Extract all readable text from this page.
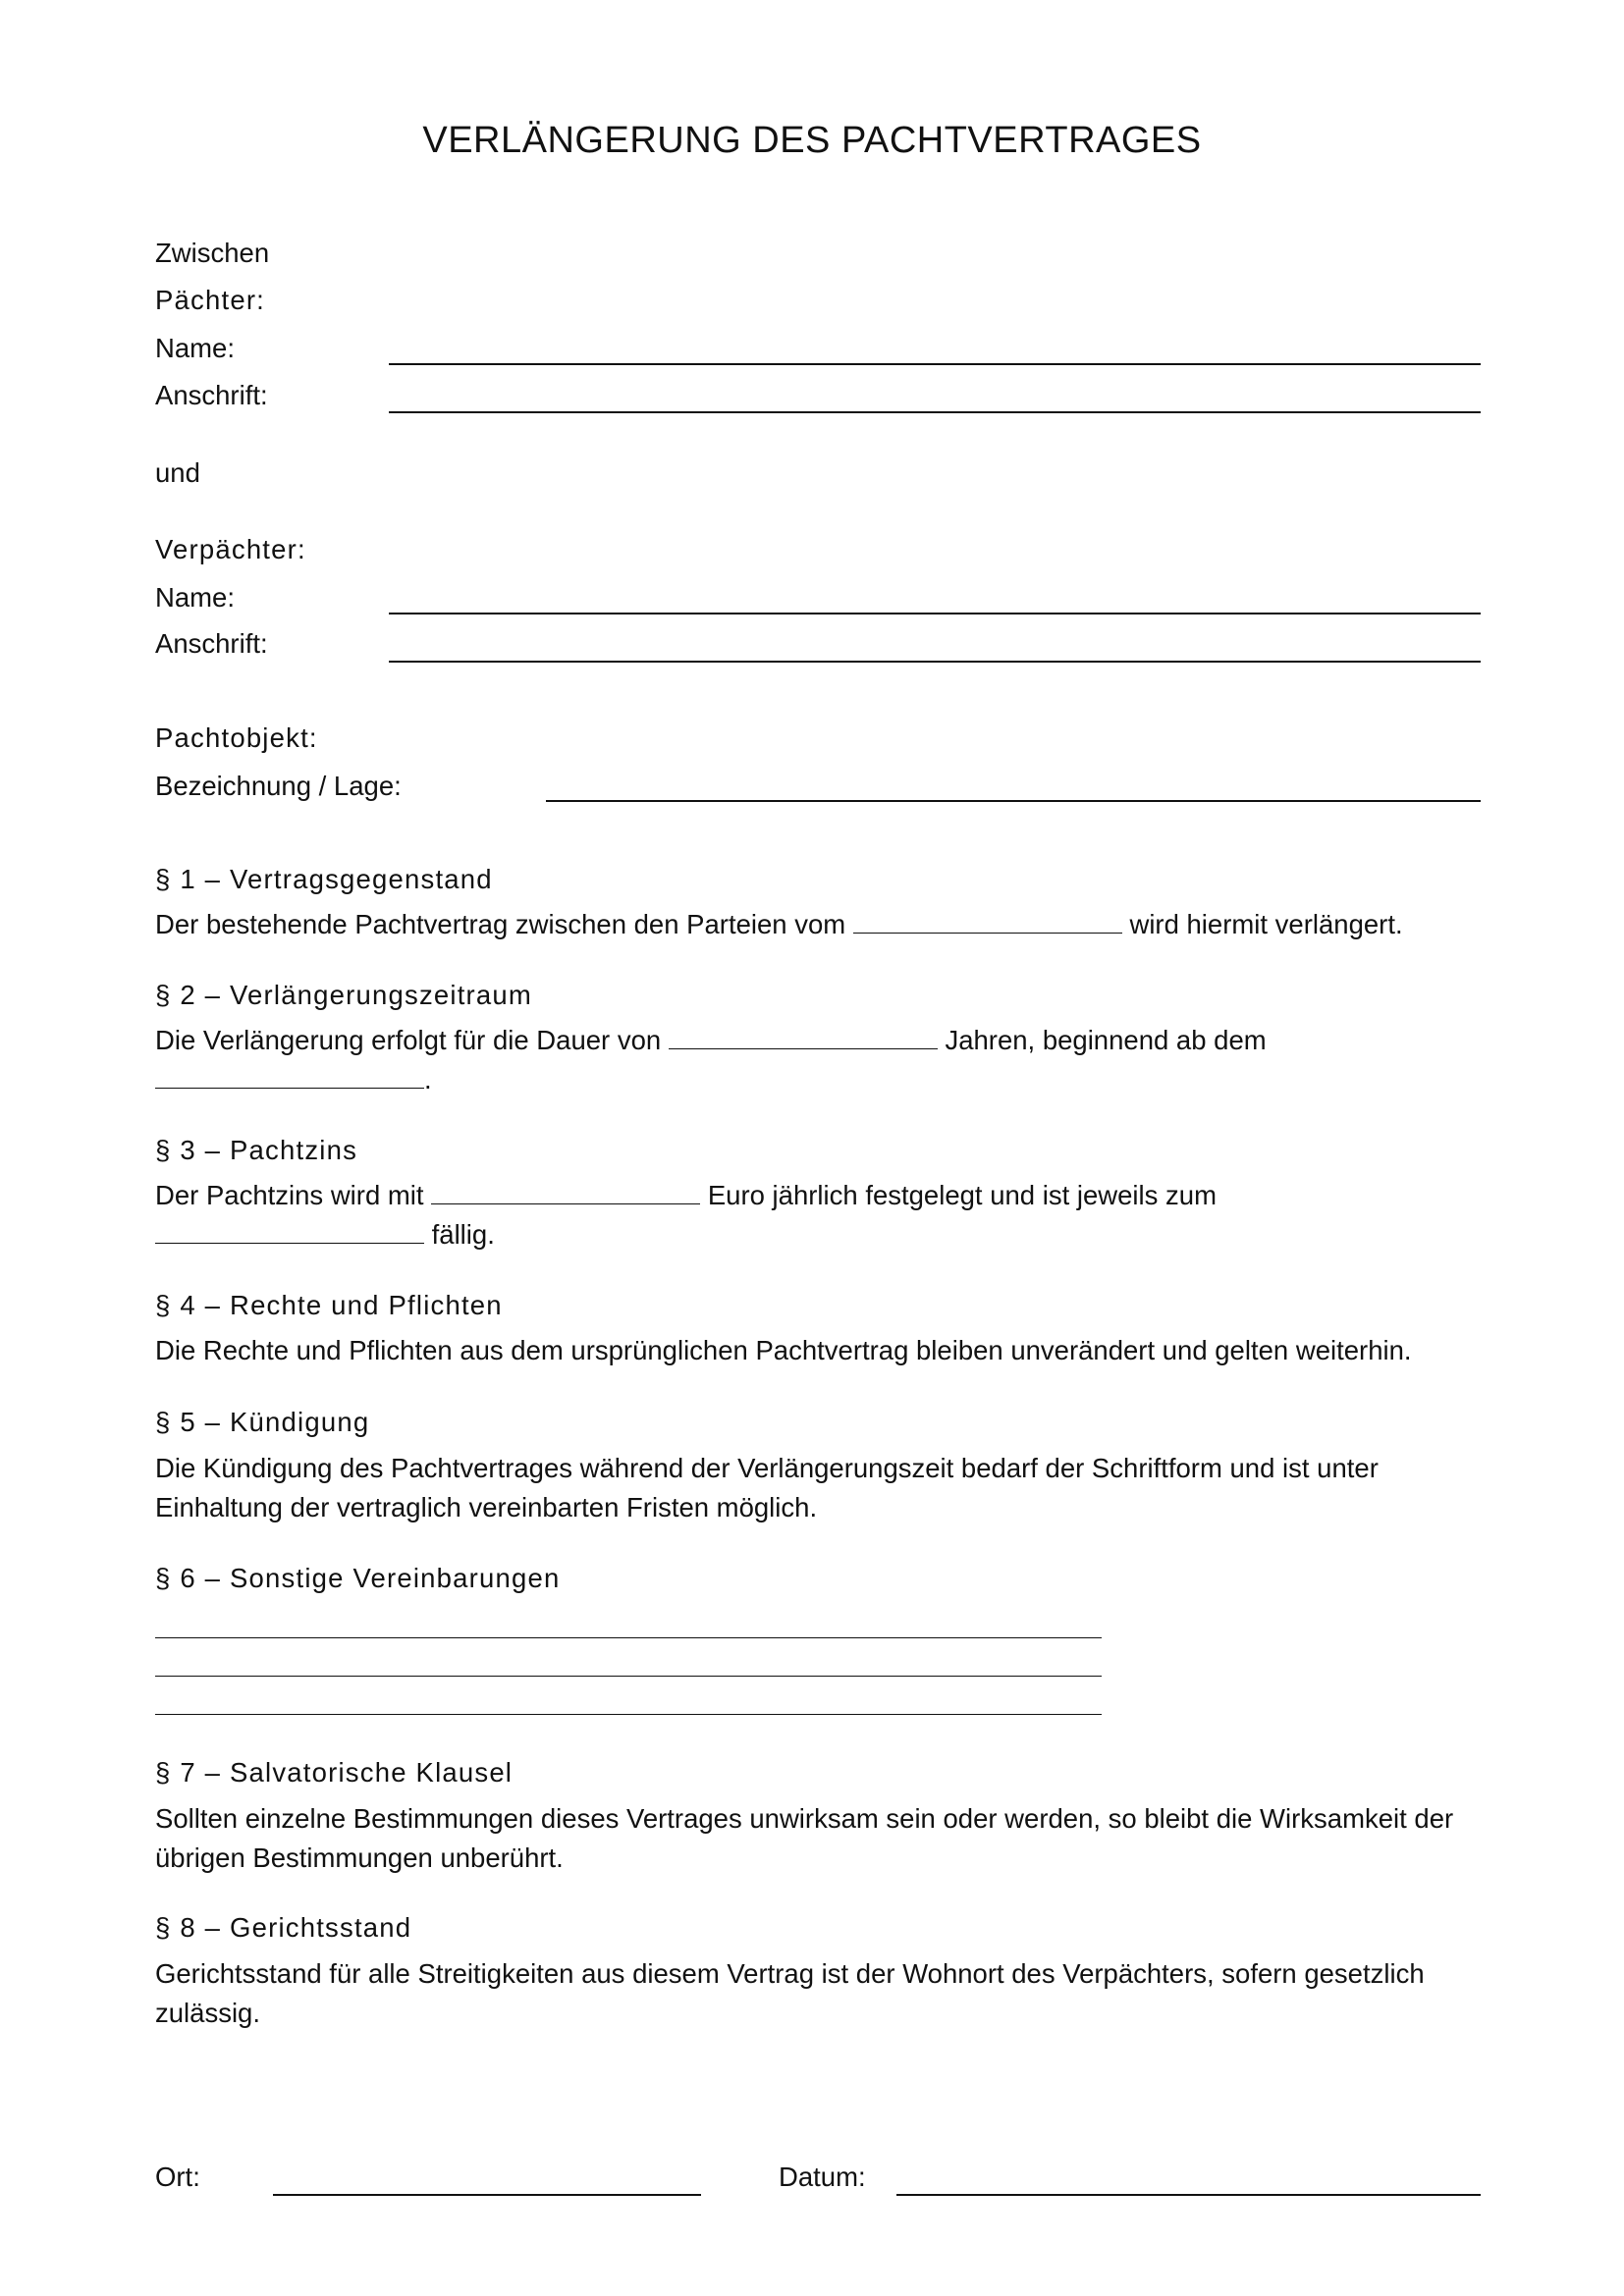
VERLÄNGERUNG DES PACHTVERTRAGES
Zwischen
Pächter:
Name:
Anschrift:
und
Verpächter:
Name:
Anschrift:
Pachtobjekt:
Bezeichnung / Lage:
§ 1 – Vertragsgegenstand
Der bestehende Pachtvertrag zwischen den Parteien vom	wird hiermit verlängert.
§ 2 – Verlängerungszeitraum
Die Verlängerung erfolgt für die Dauer von	Jahren, beginnend ab dem
.
§ 3 – Pachtzins
Der Pachtzins wird mit	Euro jährlich festgelegt und ist jeweils zum
fällig.
§ 4 – Rechte und Pflichten
Die Rechte und Pflichten aus dem ursprünglichen Pachtvertrag bleiben unverändert und gelten weiterhin.
§ 5 – Kündigung
Die Kündigung des Pachtvertrages während der Verlängerungszeit bedarf der Schriftform und ist unter
Einhaltung der vertraglich vereinbarten Fristen möglich.
§ 6 – Sonstige Vereinbarungen
§ 7 – Salvatorische Klausel
Sollten einzelne Bestimmungen dieses Vertrages unwirksam sein oder werden, so bleibt die Wirksamkeit der
übrigen Bestimmungen unberührt.
§ 8 – Gerichtsstand
Gerichtsstand für alle Streitigkeiten aus diesem Vertrag ist der Wohnort des Verpächters, sofern gesetzlich
zulässig.
Ort:	Datum:
